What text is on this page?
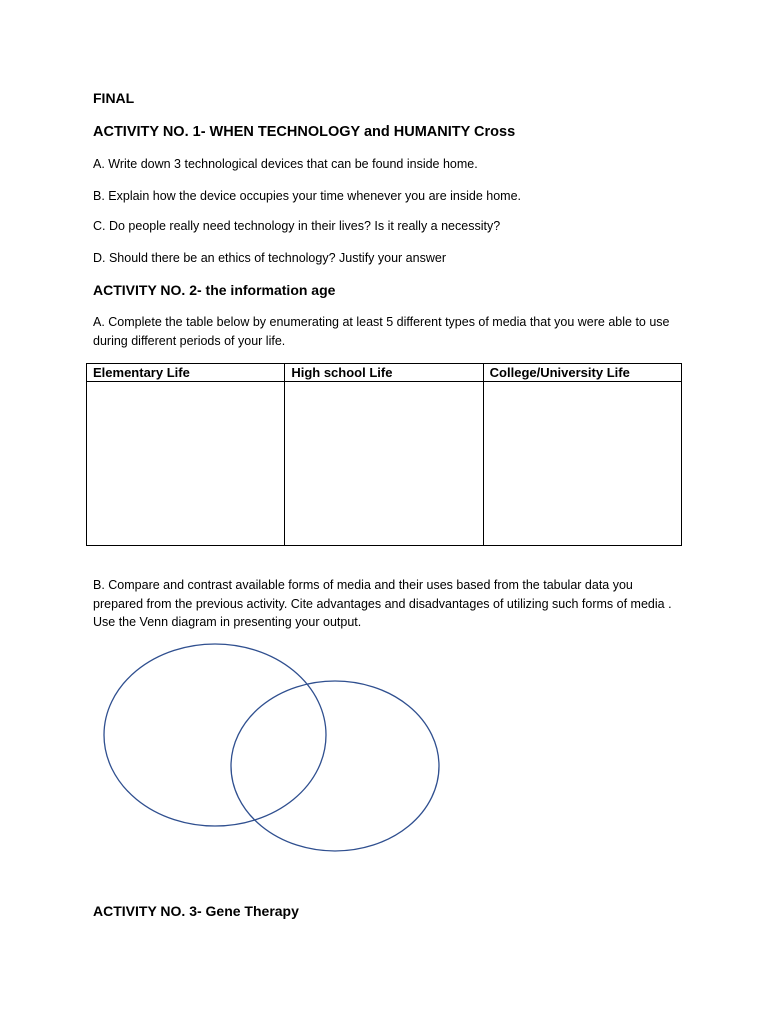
FINAL
ACTIVITY NO. 1- WHEN TECHNOLOGY and HUMANITY Cross
A. Write down 3 technological devices that can be found inside home.
B. Explain how the device occupies your time whenever you are inside home.
C. Do people really need technology in their lives? Is it really a necessity?
D. Should there be an ethics of technology? Justify your answer
ACTIVITY NO. 2- the information age
A. Complete the table below by enumerating at least 5 different types of media that you were able to use during different periods of your life.
Elementary Life	High school Life	College/University Life

B. Compare and contrast available forms of media and their uses based from the tabular data you prepared from the previous activity. Cite advantages and disadvantages of utilizing such forms of media . Use the Venn diagram in presenting your output.
ACTIVITY NO. 3- Gene Therapy
